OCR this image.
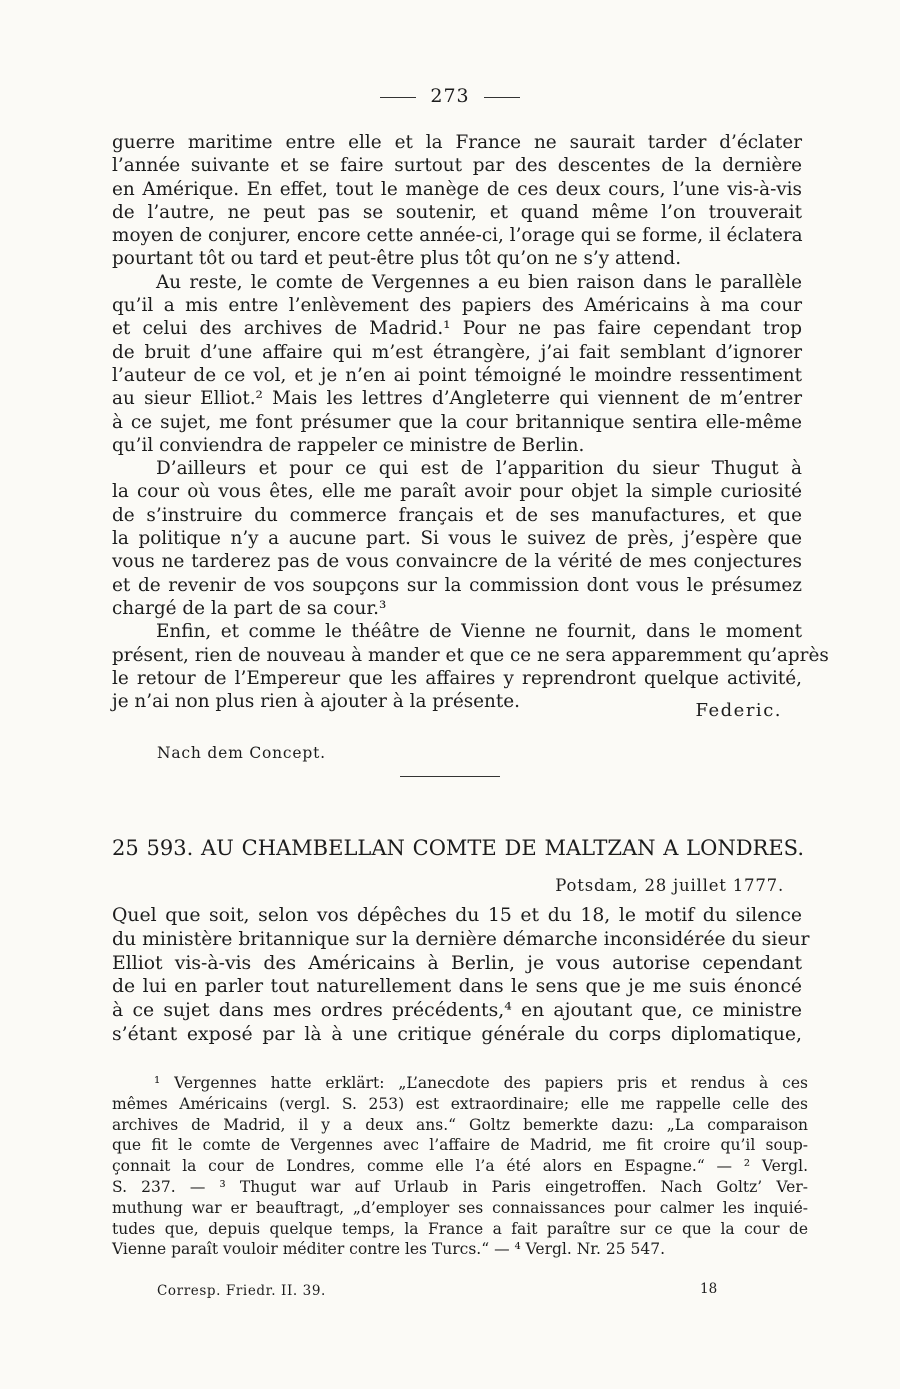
273

guerre maritime entre elle et la France ne saurait tarder d’éclater

l’année suivante et se faire surtout par des descentes de la dernière

en Amérique. En effet, tout le manège de ces deux cours, l’une vis-à-vis

de l’autre, ne peut pas se soutenir, et quand même l’on trouverait

moyen de conjurer, encore cette année-ci, l’orage qui se forme, il éclatera

pourtant tôt ou tard et peut-être plus tôt qu’on ne s’y attend.

Au reste, le comte de Vergennes a eu bien raison dans le parallèle

qu’il a mis entre l’enlèvement des papiers des Américains à ma cour

et celui des archives de Madrid.¹ Pour ne pas faire cependant trop

de bruit d’une affaire qui m’est étrangère, j’ai fait semblant d’ignorer

l’auteur de ce vol, et je n’en ai point témoigné le moindre ressentiment

au sieur Elliot.² Mais les lettres d’Angleterre qui viennent de m’entrer

à ce sujet, me font présumer que la cour britannique sentira elle-même

qu’il conviendra de rappeler ce ministre de Berlin.

D’ailleurs et pour ce qui est de l’apparition du sieur Thugut à

la cour où vous êtes, elle me paraît avoir pour objet la simple curiosité

de s’instruire du commerce français et de ses manufactures, et que

la politique n’y a aucune part. Si vous le suivez de près, j’espère que

vous ne tarderez pas de vous convaincre de la vérité de mes conjectures

et de revenir de vos soupçons sur la commission dont vous le présumez

chargé de la part de sa cour.³

Enfin, et comme le théâtre de Vienne ne fournit, dans le moment

présent, rien de nouveau à mander et que ce ne sera apparemment qu’après

le retour de l’Empereur que les affaires y reprendront quelque activité,

je n’ai non plus rien à ajouter à la présente.	Federic.
Nach dem Concept.
25 593. AU CHAMBELLAN COMTE DE MALTZAN A LONDRES.
Potsdam, 28 juillet 1777.

Quel que soit, selon vos dépêches du 15 et du 18, le motif du silence

du ministère britannique sur la dernière démarche inconsidérée du sieur

Elliot vis-à-vis des Américains à Berlin, je vous autorise cependant

de lui en parler tout naturellement dans le sens que je me suis énoncé

à ce sujet dans mes ordres précédents,⁴ en ajoutant que, ce ministre

s’étant exposé par là à une critique générale du corps diplomatique,

¹ Vergennes hatte erklärt: „L’anecdote des papiers pris et rendus à ces

mêmes Américains (vergl. S. 253) est extraordinaire; elle me rappelle celle des

archives de Madrid, il y a deux ans.“ Goltz bemerkte dazu: „La comparaison

que fit le comte de Vergennes avec l’affaire de Madrid, me fit croire qu’il soup-

çonnait la cour de Londres, comme elle l’a été alors en Espagne.“ — ² Vergl.

S. 237. — ³ Thugut war auf Urlaub in Paris eingetroffen. Nach Goltz’ Ver-

muthung war er beauftragt, „d’employer ses connaissances pour calmer les inquié-

tudes que, depuis quelque temps, la France a fait paraître sur ce que la cour de

Vienne paraît vouloir méditer contre les Turcs.“ — ⁴ Vergl. Nr. 25 547.

Corresp. Friedr. II. 39.	18
